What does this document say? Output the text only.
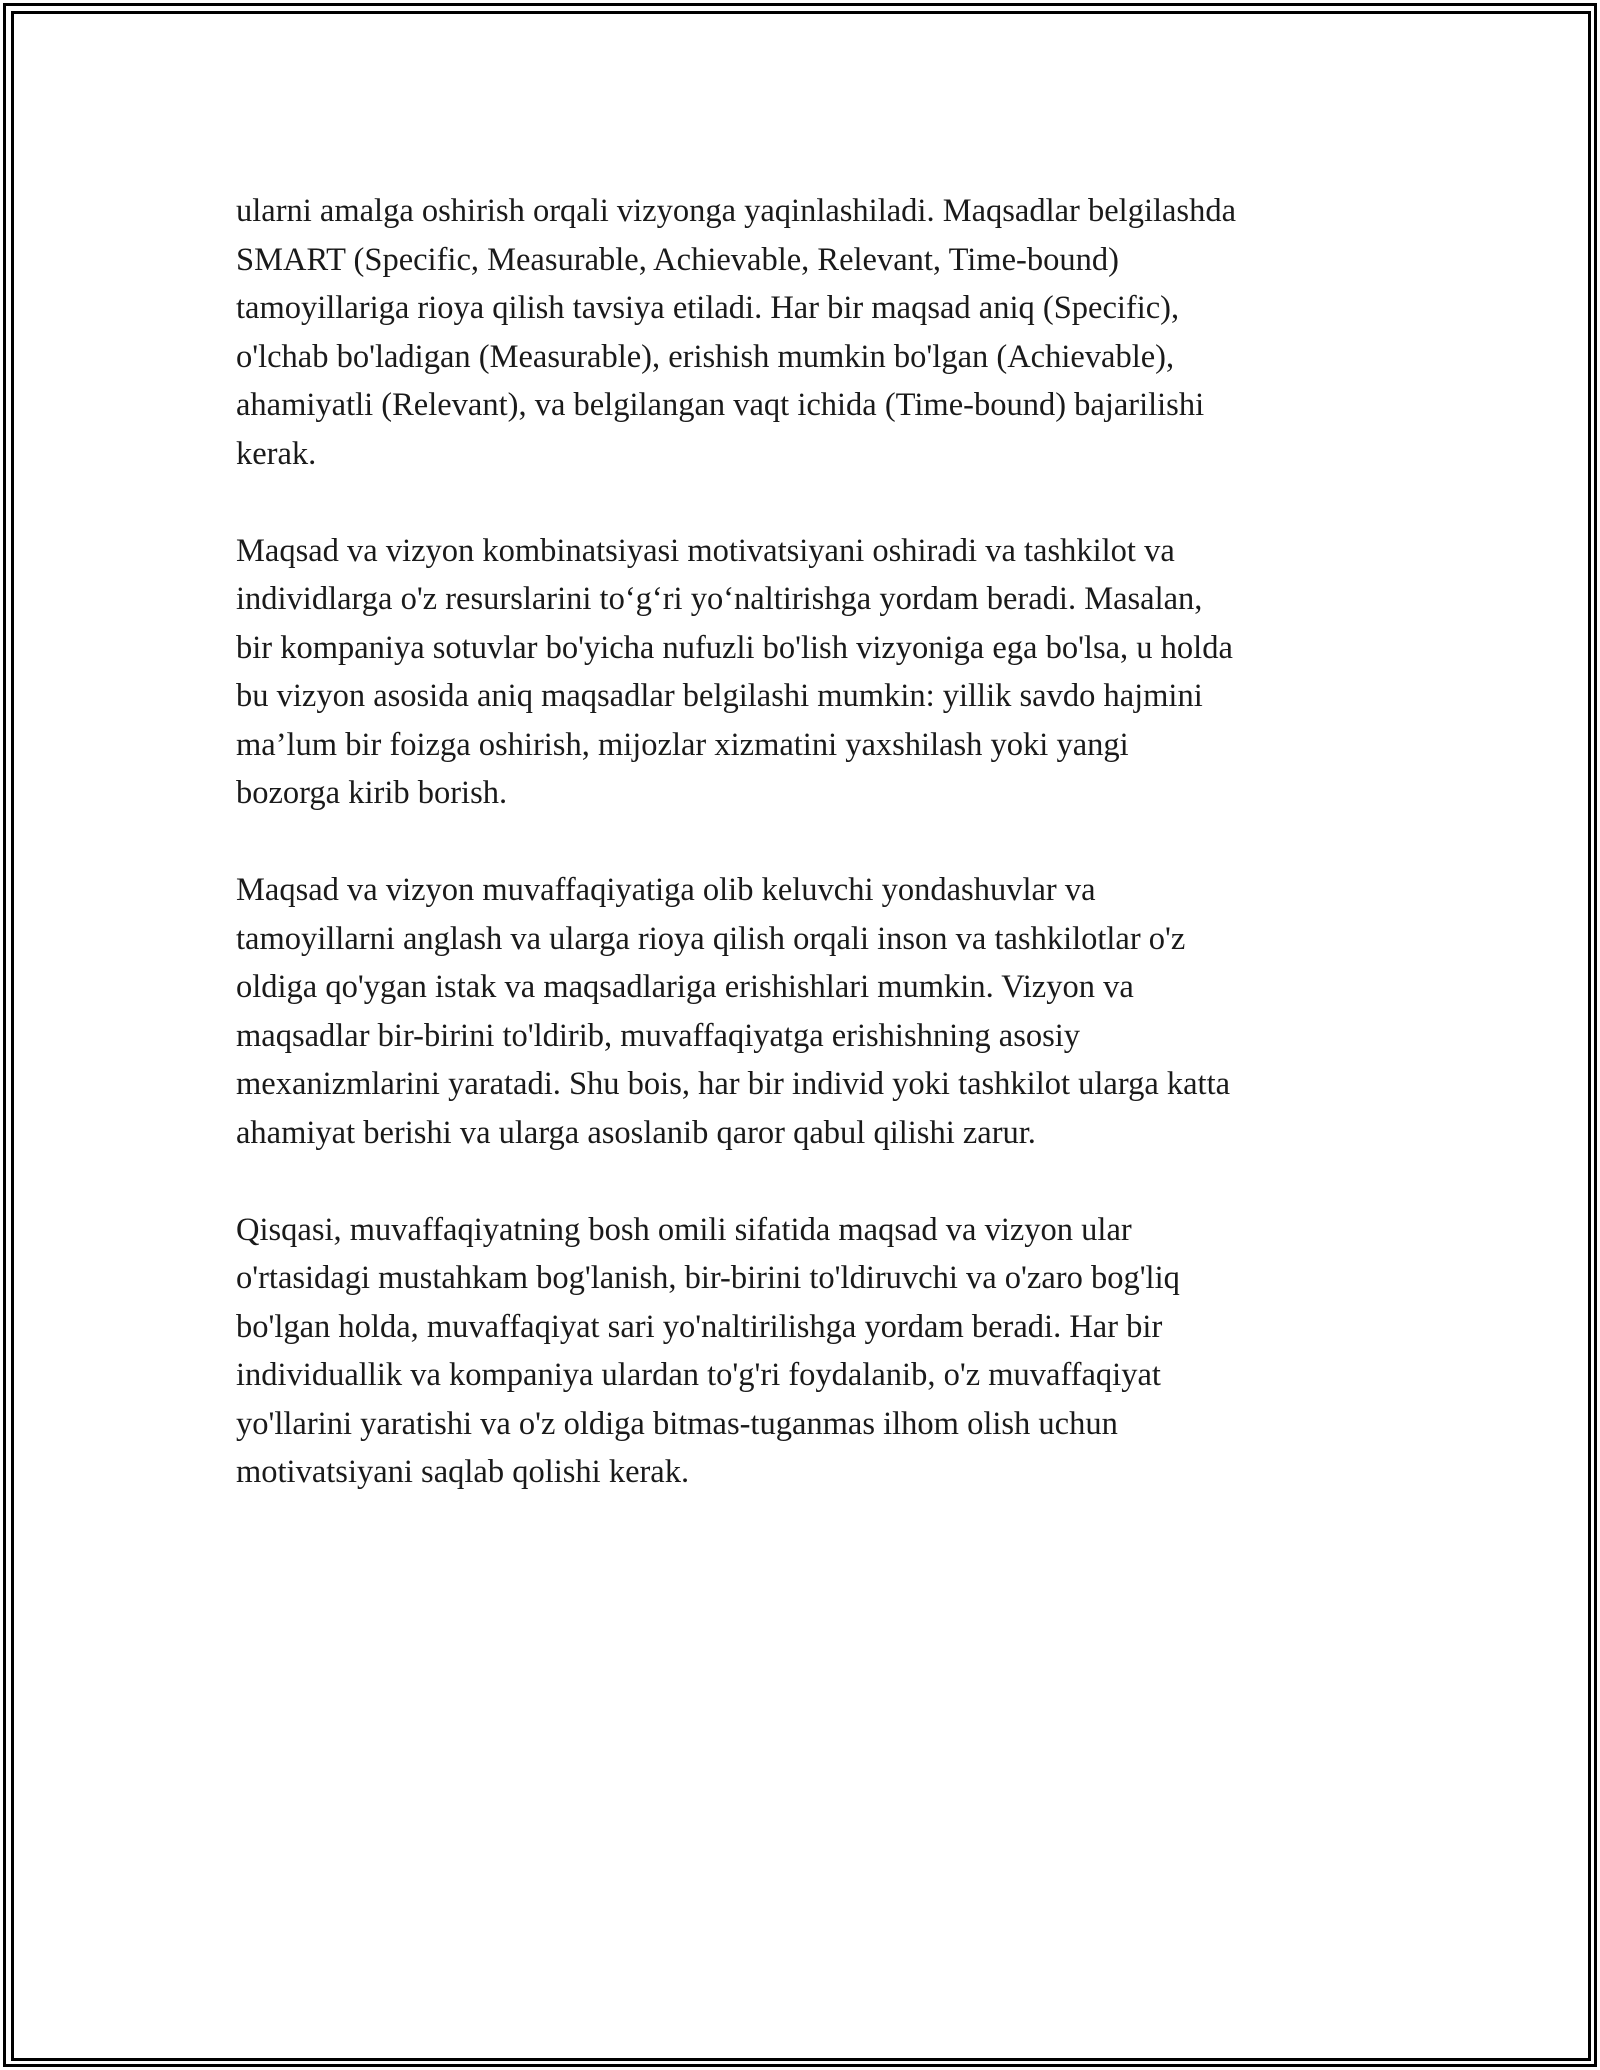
ularni amalga oshirish orqali vizyonga yaqinlashiladi. Maqsadlar belgilashda
SMART (Specific, Measurable, Achievable, Relevant, Time-bound)
tamoyillariga rioya qilish tavsiya etiladi. Har bir maqsad aniq (Specific),
o'lchab bo'ladigan (Measurable), erishish mumkin bo'lgan (Achievable),
ahamiyatli (Relevant), va belgilangan vaqt ichida (Time-bound) bajarilishi
kerak.

Maqsad va vizyon kombinatsiyasi motivatsiyani oshiradi va tashkilot va
individlarga o'z resurslarini to‘g‘ri yo‘naltirishga yordam beradi. Masalan,
bir kompaniya sotuvlar bo'yicha nufuzli bo'lish vizyoniga ega bo'lsa, u holda
bu vizyon asosida aniq maqsadlar belgilashi mumkin: yillik savdo hajmini
ma’lum bir foizga oshirish, mijozlar xizmatini yaxshilash yoki yangi
bozorga kirib borish.

Maqsad va vizyon muvaffaqiyatiga olib keluvchi yondashuvlar va
tamoyillarni anglash va ularga rioya qilish orqali inson va tashkilotlar o'z
oldiga qo'ygan istak va maqsadlariga erishishlari mumkin. Vizyon va
maqsadlar bir-birini to'ldirib, muvaffaqiyatga erishishning asosiy
mexanizmlarini yaratadi. Shu bois, har bir individ yoki tashkilot ularga katta
ahamiyat berishi va ularga asoslanib qaror qabul qilishi zarur.

Qisqasi, muvaffaqiyatning bosh omili sifatida maqsad va vizyon ular
o'rtasidagi mustahkam bog'lanish, bir-birini to'ldiruvchi va o'zaro bog'liq
bo'lgan holda, muvaffaqiyat sari yo'naltirilishga yordam beradi. Har bir
individuallik va kompaniya ulardan to'g'ri foydalanib, o'z muvaffaqiyat
yo'llarini yaratishi va o'z oldiga bitmas-tuganmas ilhom olish uchun
motivatsiyani saqlab qolishi kerak.
